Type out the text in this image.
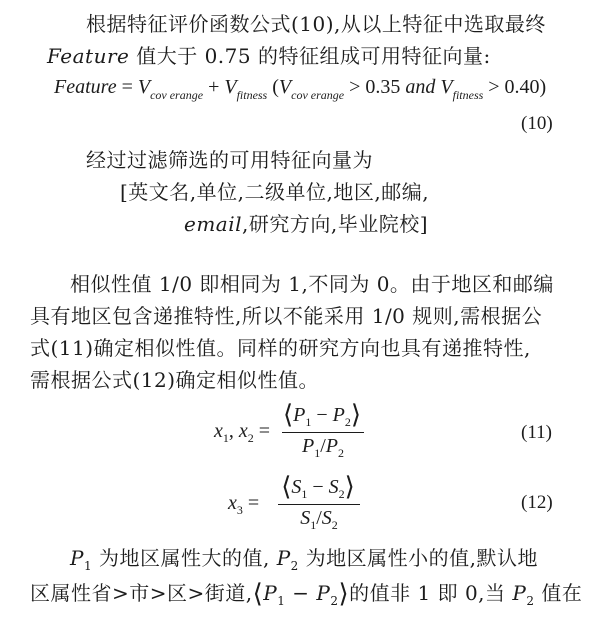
根据特征评价函数公式(10),从以上特征中选取最终
Feature 值大于 0.75 的特征组成可用特征向量:
Feature = $V_{cov erange} + V_{fitness}$ ($V_{cov erange} > 0.35$ and $V_{fitness} > 0.40$)
(10)
经过过滤筛选的可用特征向量为
[英文名,单位,二级单位,地区,邮编,
email,研究方向,毕业院校]
相似性值 1/0 即相同为 1,不同为 0。由于地区和邮编
具有地区包含递推特性,所以不能采用 1/0 规则,需根据公
式(11)确定相似性值。同样的研究方向也具有递推特性,
需根据公式(12)确定相似性值。
$x_1$, $x_2$ =
$⟨P_1$ − $P_2⟩$
$P_1/P_2$
(11)
$x_3$ =
$⟨S_1$ − $S_2⟩$
$S_1/S_2$
(12)
$P_1$ 为地区属性大的值, $P_2$ 为地区属性小的值,默认地
区属性省>市>区>街道$,⟨P_1$ − $P_2⟩$的值非 1 即 0,当 $P_2$ 值在
